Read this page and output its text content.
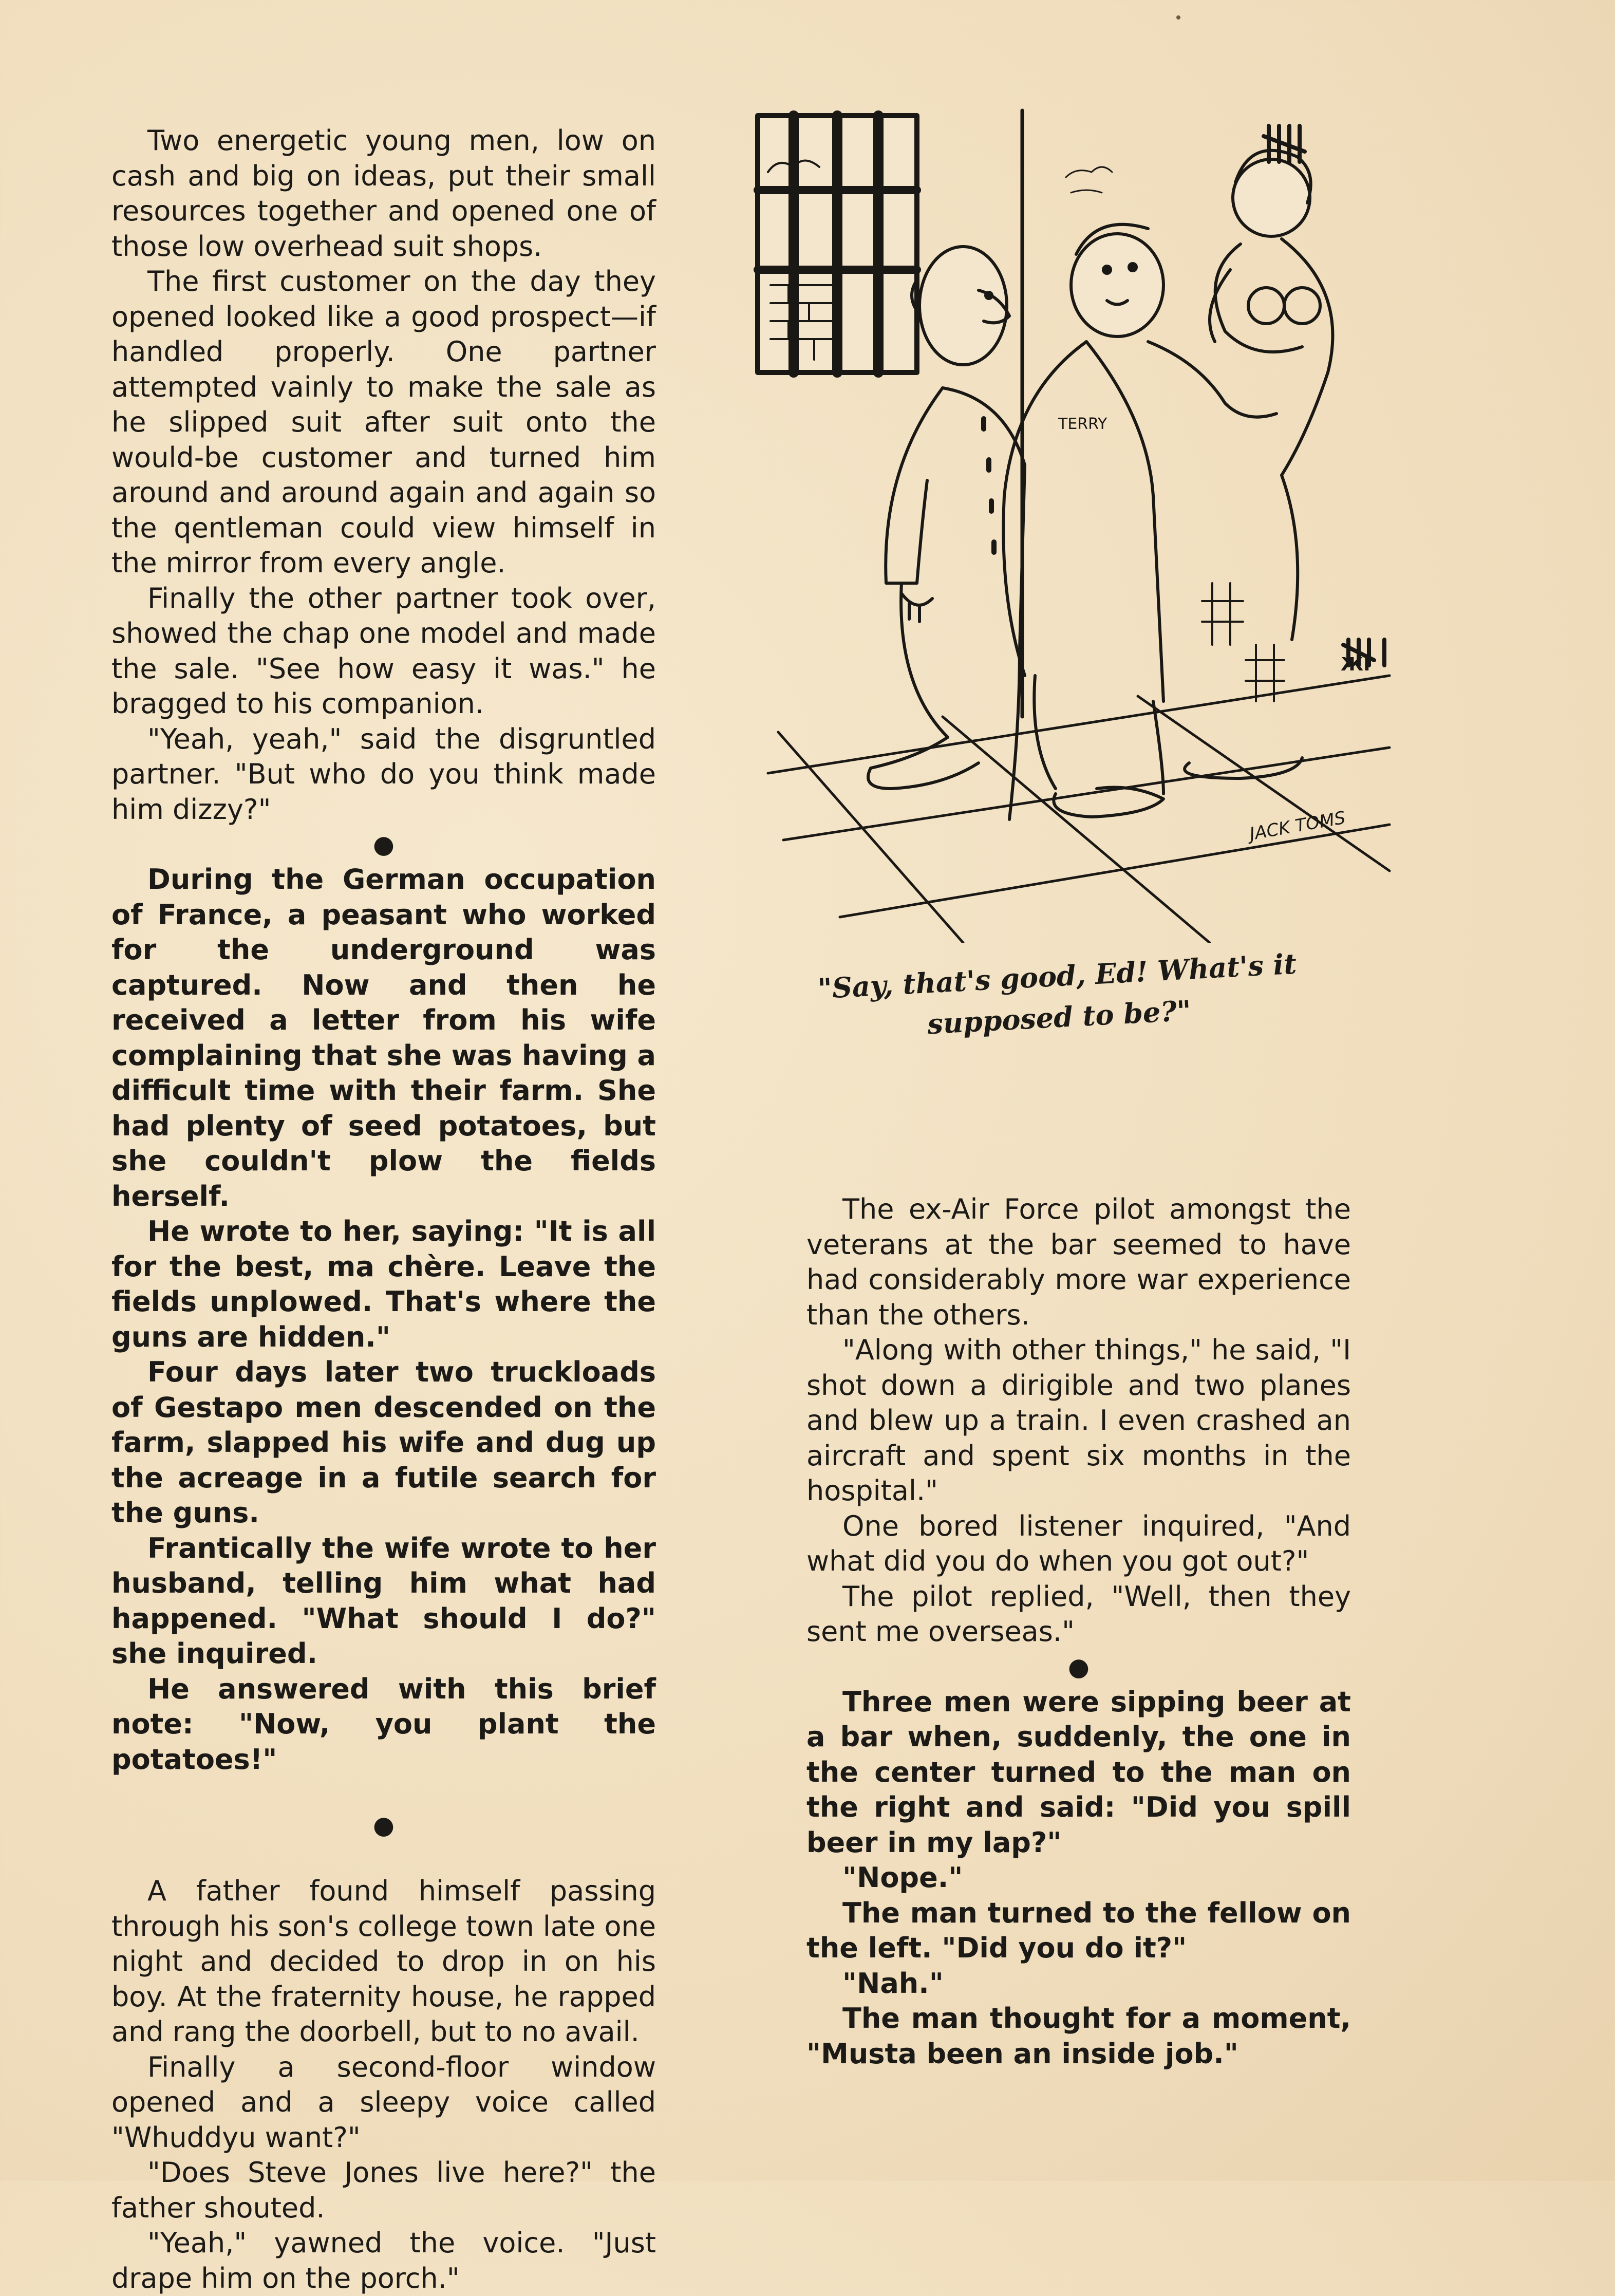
Two energetic young men, low on cash and big on ideas, put their small resources together and opened one of those low overhead suit shops.

The first customer on the day they opened looked like a good prospect—if handled properly. One partner attempted vainly to make the sale as he slipped suit after suit onto the would-be customer and turned him around and around again and again so the qentleman could view himself in the mirror from every angle.

Finally the other partner took over, showed the chap one model and made the sale. "See how easy it was." he bragged to his companion.

"Yeah, yeah," said the disgruntled partner. "But who do you think made him dizzy?"

●

During the German occupation of France, a peasant who worked for the underground was captured. Now and then he received a letter from his wife complaining that she was having a difficult time with their farm. She had plenty of seed potatoes, but she couldn't plow the fields herself.

He wrote to her, saying: "It is all for the best, ma chère. Leave the fields unplowed. That's where the guns are hidden."

Four days later two truckloads of Gestapo men descended on the farm, slapped his wife and dug up the acreage in a futile search for the guns.

Frantically the wife wrote to her husband, telling him what had happened. "What should I do?" she inquired.

He answered with this brief note: "Now, you plant the potatoes!"

●

A father found himself passing through his son's college town late one night and decided to drop in on his boy. At the fraternity house, he rapped and rang the doorbell, but to no avail.

Finally a second-floor window opened and a sleepy voice called "Whuddyu want?"

"Does Steve Jones live here?" the father shouted.

"Yeah," yawned the voice. "Just drape him on the porch."

TERRY
JACK TOMS
ЖI
"Say, that's good, Ed! What's it supposed to be?"

The ex-Air Force pilot amongst the veterans at the bar seemed to have had considerably more war experience than the others.

"Along with other things," he said, "I shot down a dirigible and two planes and blew up a train. I even crashed an aircraft and spent six months in the hospital."

One bored listener inquired, "And what did you do when you got out?"

The pilot replied, "Well, then they sent me overseas."

●

Three men were sipping beer at a bar when, suddenly, the one in the center turned to the man on the right and said: "Did you spill beer in my lap?"

"Nope."

The man turned to the fellow on the left. "Did you do it?"

"Nah."

The man thought for a moment, "Musta been an inside job."
